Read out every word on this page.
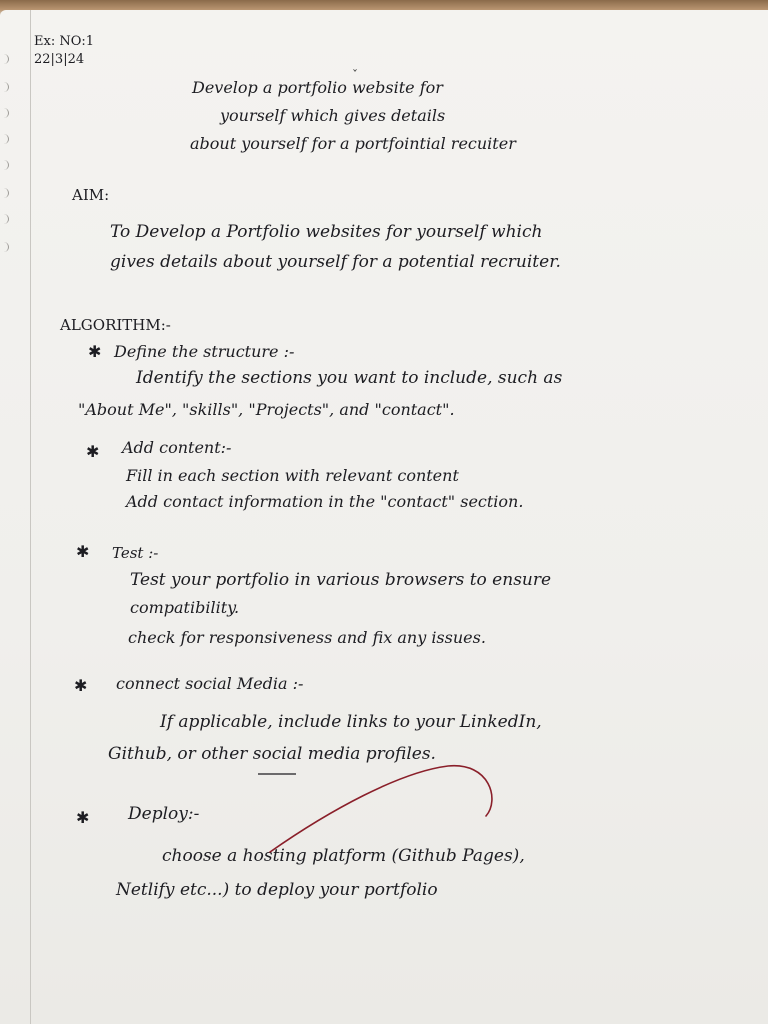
Ex: NO:1
22|3|24
ˇ
Develop a portfolio website for
yourself which gives details
about yourself for a portfointial recuiter
AIM:
To Develop a Portfolio websites for yourself which
gives details about yourself for a potential recruiter.
ALGORITHM:-
✱ Define the structure :-
Identify the sections you want to include, such as
"About Me", "skills", "Projects", and "contact".
✱ Add content:-
Fill in each section with relevant content
Add contact information in the "contact" section.
✱ Test :-
Test your portfolio in various browsers to ensure
compatibility.
check for responsiveness and fix any issues.
✱ connect social Media :-
If applicable, include links to your LinkedIn,
Github, or other social media profiles.
✱ Deploy:-
choose a hosting platform (Github Pages),
Netlify etc...) to deploy your portfolio
